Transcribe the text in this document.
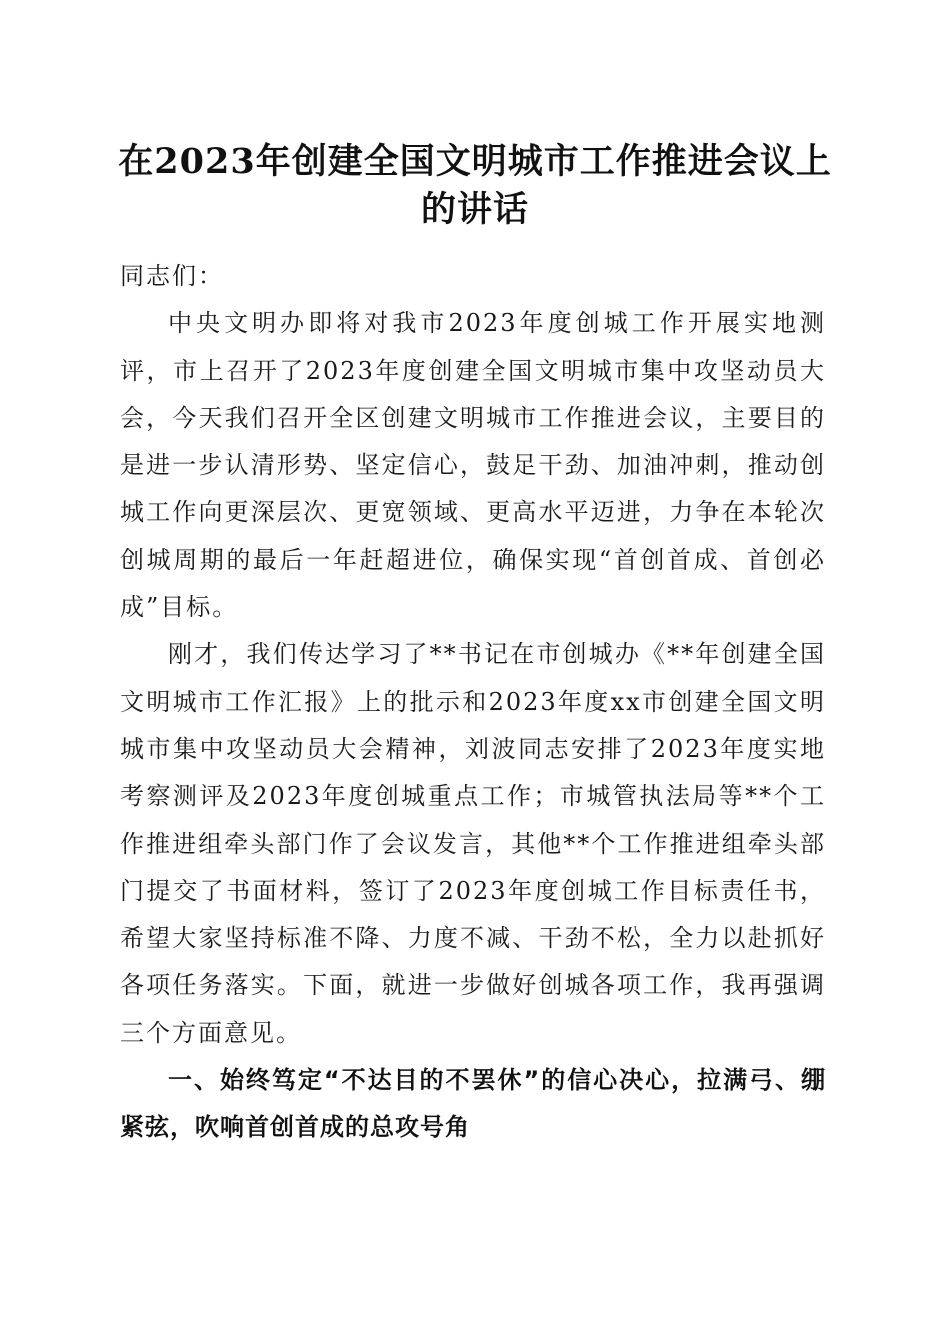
在2023年创建全国文明城市工作推进会议上
的讲话

同志们：

中央文明办即将对我市2023年度创城工作开展实地测评，市上召开了2023年度创建全国文明城市集中攻坚动员大会，今天我们召开全区创建文明城市工作推进会议，主要目的是进一步认清形势、坚定信心，鼓足干劲、加油冲刺，推动创城工作向更深层次、更宽领域、更高水平迈进，力争在本轮次创城周期的最后一年赶超进位，确保实现“首创首成、首创必成”目标。

刚才，我们传达学习了**书记在市创城办《**年创建全国文明城市工作汇报》上的批示和2023年度xx市创建全国文明城市集中攻坚动员大会精神，刘波同志安排了2023年度实地考察测评及2023年度创城重点工作；市城管执法局等**个工作推进组牵头部门作了会议发言，其他**个工作推进组牵头部门提交了书面材料，签订了2023年度创城工作目标责任书，希望大家坚持标准不降、力度不减、干劲不松，全力以赴抓好各项任务落实。下面，就进一步做好创城各项工作，我再强调三个方面意见。

一、始终笃定“不达目的不罢休”的信心决心，拉满弓、绷紧弦，吹响首创首成的总攻号角
